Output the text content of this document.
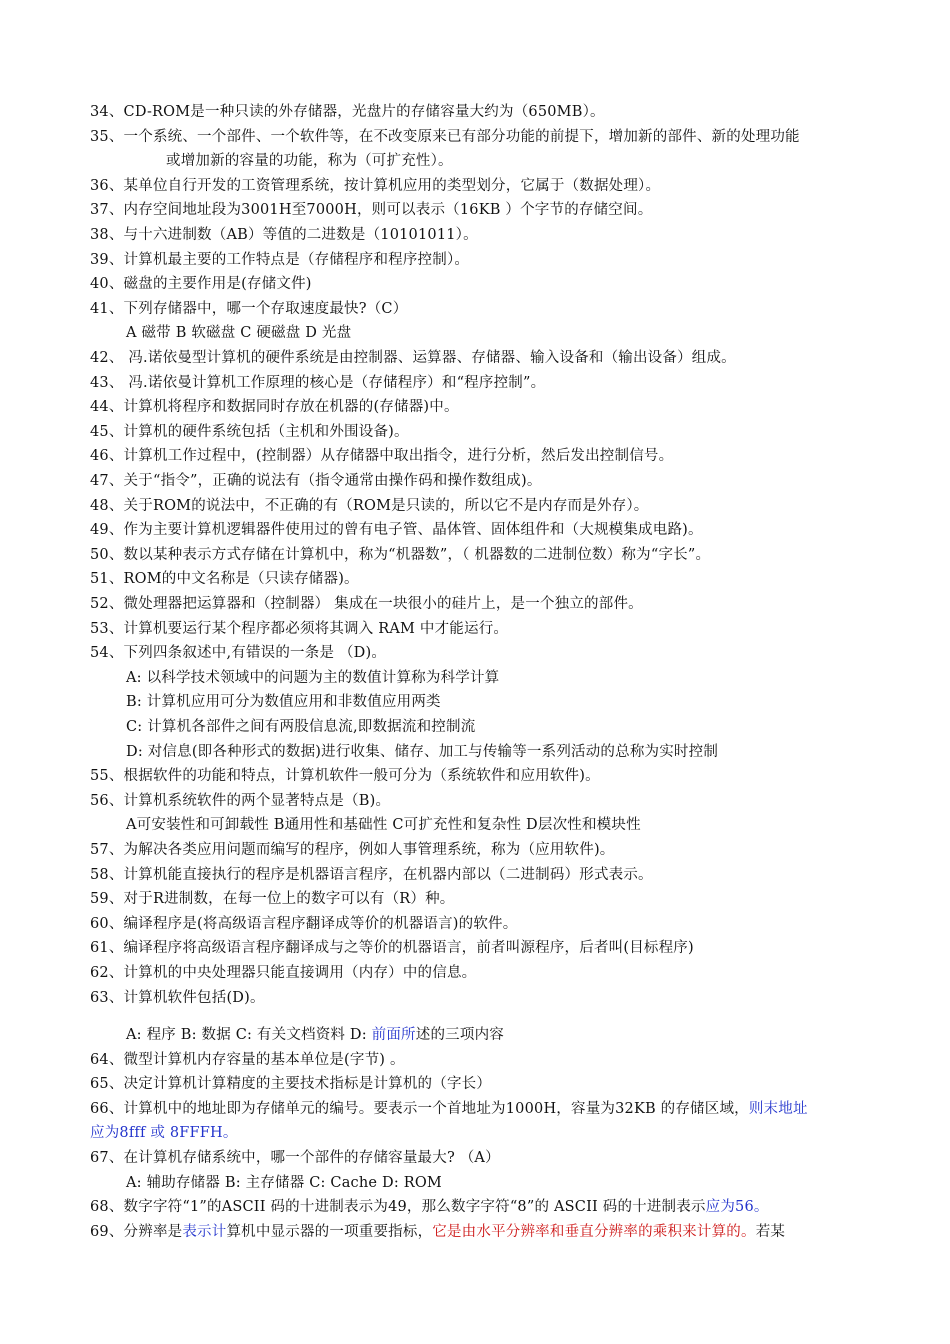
34、CD-ROM是一种只读的外存储器，光盘片的存储容量大约为（650MB）。
35、一个系统、一个部件、一个软件等，在不改变原来已有部分功能的前提下，增加新的部件、新的处理功能
或增加新的容量的功能，称为（可扩充性）。
36、某单位自行开发的工资管理系统，按计算机应用的类型划分，它属于（数据处理）。
37、内存空间地址段为3001H至7000H，则可以表示（16KB ）个字节的存储空间。
38、与十六进制数（AB）等值的二进数是（10101011）。
39、计算机最主要的工作特点是（存储程序和程序控制）。
40、磁盘的主要作用是(存储文件)
41、下列存储器中，哪一个存取速度最快?（C）
A 磁带 B 软磁盘 C 硬磁盘 D 光盘
42、 冯.诺依曼型计算机的硬件系统是由控制器、运算器、存储器、输入设备和（输出设备）组成。
43、 冯.诺依曼计算机工作原理的核心是（存储程序）和“程序控制”。
44、计算机将程序和数据同时存放在机器的(存储器)中。
45、计算机的硬件系统包括（主机和外围设备)。
46、计算机工作过程中，(控制器）从存储器中取出指令，进行分析，然后发出控制信号。
47、关于“指令”，正确的说法有（指令通常由操作码和操作数组成)。
48、关于ROM的说法中，不正确的有（ROM是只读的，所以它不是内存而是外存）。
49、作为主要计算机逻辑器件使用过的曾有电子管、晶体管、固体组件和（大规模集成电路)。
50、数以某种表示方式存储在计算机中，称为“机器数”，（ 机器数的二进制位数）称为“字长”。
51、ROM的中文名称是（只读存储器)。
52、微处理器把运算器和（控制器） 集成在一块很小的硅片上，是一个独立的部件。
53、计算机要运行某个程序都必须将其调入 RAM 中才能运行。
54、下列四条叙述中,有错误的一条是 （D)。
A: 以科学技术领域中的问题为主的数值计算称为科学计算
B: 计算机应用可分为数值应用和非数值应用两类
C: 计算机各部件之间有两股信息流,即数据流和控制流
D: 对信息(即各种形式的数据)进行收集、储存、加工与传输等一系列活动的总称为实时控制
55、根据软件的功能和特点，计算机软件一般可分为（系统软件和应用软件)。
56、计算机系统软件的两个显著特点是（B)。
A可安装性和可卸载性 B通用性和基础性 C可扩充性和复杂性 D层次性和模块性
57、为解决各类应用问题而编写的程序，例如人事管理系统，称为（应用软件)。
58、计算机能直接执行的程序是机器语言程序，在机器内部以（二进制码）形式表示。
59、对于R进制数，在每一位上的数字可以有（R）种。
60、编译程序是(将高级语言程序翻译成等价的机器语言)的软件。
61、编译程序将高级语言程序翻译成与之等价的机器语言，前者叫源程序，后者叫(目标程序)
62、计算机的中央处理器只能直接调用（内存）中的信息。
63、计算机软件包括(D)。
A: 程序 B: 数据 C: 有关文档资料 D: 前面所述的三项内容
64、微型计算机内存容量的基本单位是(字节) 。
65、决定计算机计算精度的主要技术指标是计算机的（字长）
66、计算机中的地址即为存储单元的编号。要表示一个首地址为1000H，容量为32KB 的存储区域，则末地址
应为8fff 或 8FFFH。
67、在计算机存储系统中，哪一个部件的存储容量最大? （A）
A: 辅助存储器 B: 主存储器 C: Cache D: ROM
68、数字字符“1”的ASCII 码的十进制表示为49，那么数字字符“8”的 ASCII 码的十进制表示应为56。
69、分辨率是表示计算机中显示器的一项重要指标，它是由水平分辨率和垂直分辨率的乘积来计算的。若某
